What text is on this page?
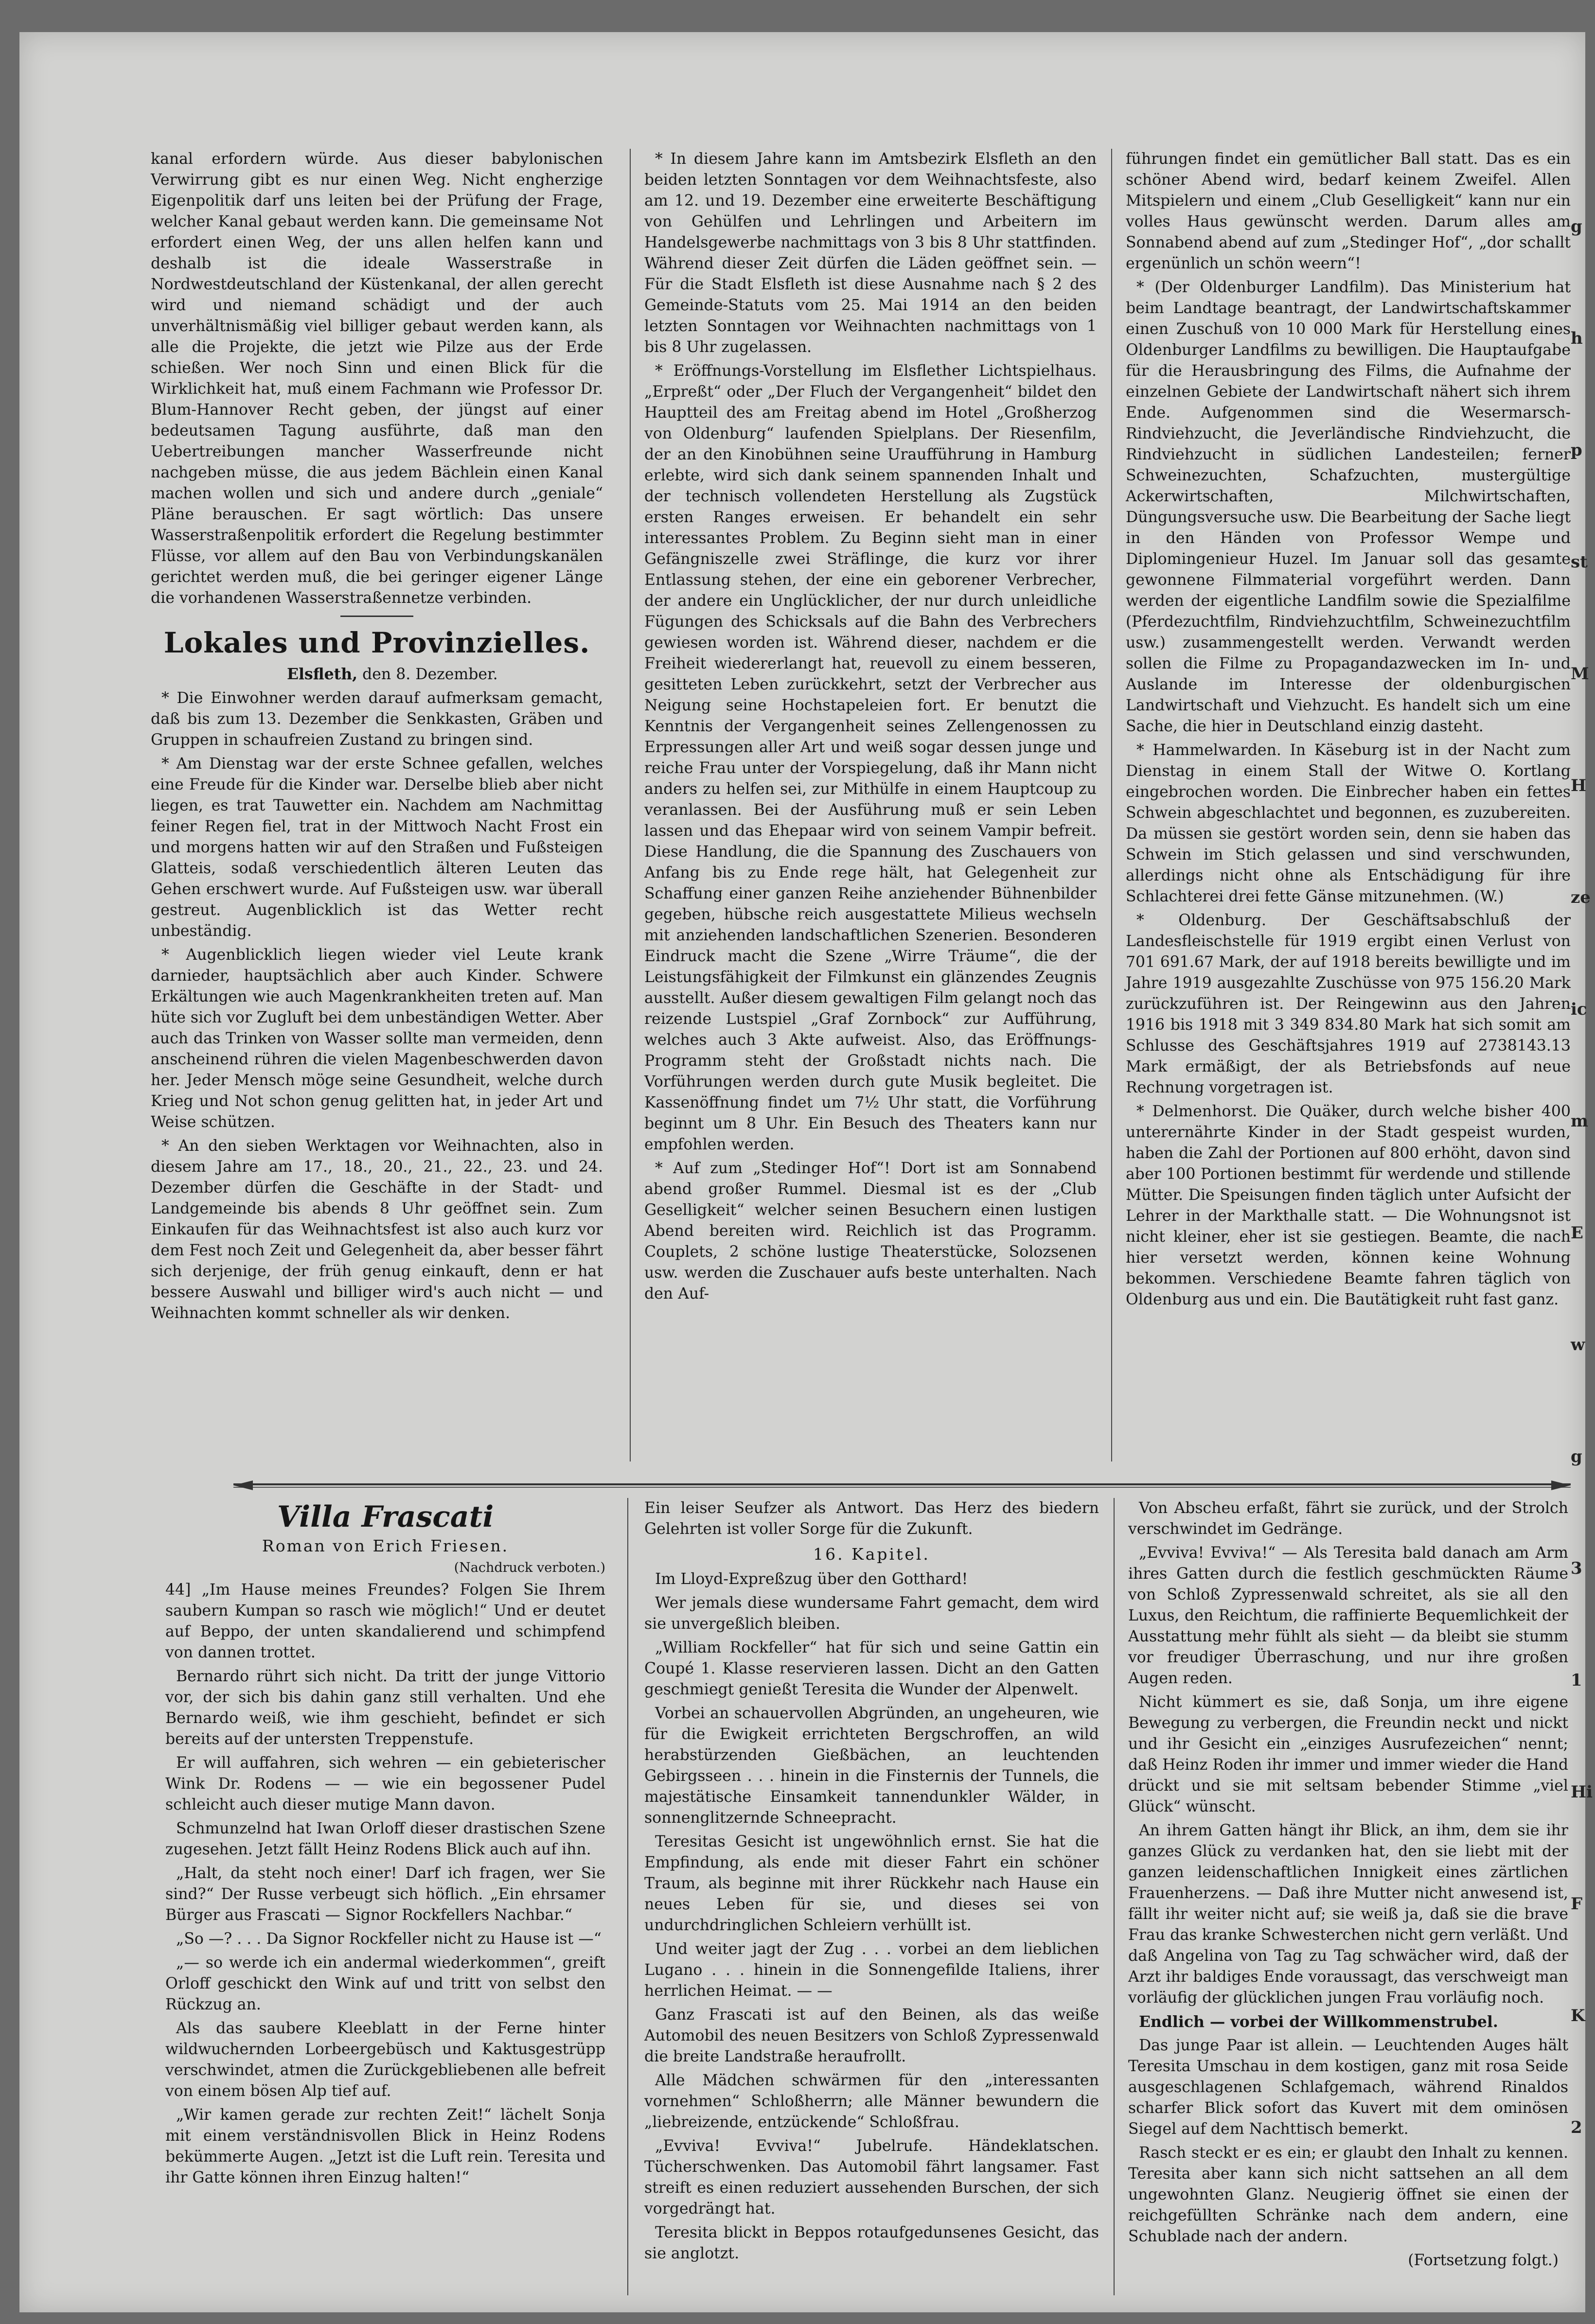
kanal erfordern würde. Aus dieser babylonischen Verwirrung gibt es nur einen Weg. Nicht engherzige Eigenpolitik darf uns leiten bei der Prüfung der Frage, welcher Kanal gebaut werden kann. Die gemeinsame Not erfordert einen Weg, der uns allen helfen kann und deshalb ist die ideale Wasserstraße in Nordwestdeutschland der Küstenkanal, der allen gerecht wird und niemand schädigt und der auch unverhältnismäßig viel billiger gebaut werden kann, als alle die Projekte, die jetzt wie Pilze aus der Erde schießen. Wer noch Sinn und einen Blick für die Wirklichkeit hat, muß einem Fachmann wie Professor Dr. Blum-Hannover Recht geben, der jüngst auf einer bedeutsamen Tagung ausführte, daß man den Uebertreibungen mancher Wasserfreunde nicht nachgeben müsse, die aus jedem Bächlein einen Kanal machen wollen und sich und andere durch „geniale“ Pläne berauschen. Er sagt wörtlich: Das unsere Wasserstraßenpolitik erfordert die Regelung bestimmter Flüsse, vor allem auf den Bau von Verbindungskanälen gerichtet werden muß, die bei geringer eigener Länge die vorhandenen Wasserstraßennetze verbinden.

Lokales und Provinzielles.

Elsfleth, den 8. Dezember.

* Die Einwohner werden darauf aufmerksam gemacht, daß bis zum 13. Dezember die Senkkasten, Gräben und Gruppen in schaufreien Zustand zu bringen sind.

* Am Dienstag war der erste Schnee gefallen, welches eine Freude für die Kinder war. Derselbe blieb aber nicht liegen, es trat Tauwetter ein. Nachdem am Nachmittag feiner Regen fiel, trat in der Mittwoch Nacht Frost ein und morgens hatten wir auf den Straßen und Fußsteigen Glatteis, sodaß verschiedentlich älteren Leuten das Gehen erschwert wurde. Auf Fußsteigen usw. war überall gestreut. Augenblicklich ist das Wetter recht unbeständig.

* Augenblicklich liegen wieder viel Leute krank darnieder, hauptsächlich aber auch Kinder. Schwere Erkältungen wie auch Magenkrankheiten treten auf. Man hüte sich vor Zugluft bei dem unbeständigen Wetter. Aber auch das Trinken von Wasser sollte man vermeiden, denn anscheinend rühren die vielen Magenbeschwerden davon her. Jeder Mensch möge seine Gesundheit, welche durch Krieg und Not schon genug gelitten hat, in jeder Art und Weise schützen.

* An den sieben Werktagen vor Weihnachten, also in diesem Jahre am 17., 18., 20., 21., 22., 23. und 24. Dezember dürfen die Geschäfte in der Stadt- und Landgemeinde bis abends 8 Uhr geöffnet sein. Zum Einkaufen für das Weihnachtsfest ist also auch kurz vor dem Fest noch Zeit und Gelegenheit da, aber besser fährt sich derjenige, der früh genug einkauft, denn er hat bessere Auswahl und billiger wird's auch nicht — und Weihnachten kommt schneller als wir denken.

* In diesem Jahre kann im Amtsbezirk Elsfleth an den beiden letzten Sonntagen vor dem Weihnachtsfeste, also am 12. und 19. Dezember eine erweiterte Beschäftigung von Gehülfen und Lehrlingen und Arbeitern im Handelsgewerbe nachmittags von 3 bis 8 Uhr stattfinden. Während dieser Zeit dürfen die Läden geöffnet sein. — Für die Stadt Elsfleth ist diese Ausnahme nach § 2 des Gemeinde-Statuts vom 25. Mai 1914 an den beiden letzten Sonntagen vor Weihnachten nachmittags von 1 bis 8 Uhr zugelassen.

* Eröffnungs-Vorstellung im Elsflether Lichtspielhaus. „Erpreßt“ oder „Der Fluch der Vergangenheit“ bildet den Hauptteil des am Freitag abend im Hotel „Großherzog von Oldenburg“ laufenden Spielplans. Der Riesenfilm, der an den Kinobühnen seine Uraufführung in Hamburg erlebte, wird sich dank seinem spannenden Inhalt und der technisch vollendeten Herstellung als Zugstück ersten Ranges erweisen. Er behandelt ein sehr interessantes Problem. Zu Beginn sieht man in einer Gefängniszelle zwei Sträflinge, die kurz vor ihrer Entlassung stehen, der eine ein geborener Verbrecher, der andere ein Unglücklicher, der nur durch unleidliche Fügungen des Schicksals auf die Bahn des Verbrechers gewiesen worden ist. Während dieser, nachdem er die Freiheit wiedererlangt hat, reuevoll zu einem besseren, gesitteten Leben zurückkehrt, setzt der Verbrecher aus Neigung seine Hochstapeleien fort. Er benutzt die Kenntnis der Vergangenheit seines Zellengenossen zu Erpressungen aller Art und weiß sogar dessen junge und reiche Frau unter der Vorspiegelung, daß ihr Mann nicht anders zu helfen sei, zur Mithülfe in einem Hauptcoup zu veranlassen. Bei der Ausführung muß er sein Leben lassen und das Ehepaar wird von seinem Vampir befreit. Diese Handlung, die die Spannung des Zuschauers von Anfang bis zu Ende rege hält, hat Gelegenheit zur Schaffung einer ganzen Reihe anziehender Bühnenbilder gegeben, hübsche reich ausgestattete Milieus wechseln mit anziehenden landschaftlichen Szenerien. Besonderen Eindruck macht die Szene „Wirre Träume“, die der Leistungsfähigkeit der Filmkunst ein glänzendes Zeugnis ausstellt. Außer diesem gewaltigen Film gelangt noch das reizende Lustspiel „Graf Zornbock“ zur Aufführung, welches auch 3 Akte aufweist. Also, das Eröffnungs-Programm steht der Großstadt nichts nach. Die Vorführungen werden durch gute Musik begleitet. Die Kassenöffnung findet um 7½ Uhr statt, die Vorführung beginnt um 8 Uhr. Ein Besuch des Theaters kann nur empfohlen werden.

* Auf zum „Stedinger Hof“! Dort ist am Sonnabend abend großer Rummel. Diesmal ist es der „Club Geselligkeit“ welcher seinen Besuchern einen lustigen Abend bereiten wird. Reichlich ist das Programm. Couplets, 2 schöne lustige Theaterstücke, Solozsenen usw. werden die Zuschauer aufs beste unterhalten. Nach den Auf-

führungen findet ein gemütlicher Ball statt. Das es ein schöner Abend wird, bedarf keinem Zweifel. Allen Mitspielern und einem „Club Geselligkeit“ kann nur ein volles Haus gewünscht werden. Darum alles am Sonnabend abend auf zum „Stedinger Hof“, „dor schallt ergenünlich un schön weern“!

* (Der Oldenburger Landfilm). Das Ministerium hat beim Landtage beantragt, der Landwirtschaftskammer einen Zuschuß von 10 000 Mark für Herstellung eines Oldenburger Landfilms zu bewilligen. Die Hauptaufgabe für die Herausbringung des Films, die Aufnahme der einzelnen Gebiete der Landwirtschaft nähert sich ihrem Ende. Aufgenommen sind die Wesermarsch-Rindviehzucht, die Jeverländische Rindviehzucht, die Rindviehzucht in südlichen Landesteilen; ferner Schweinezuchten, Schafzuchten, mustergültige Ackerwirtschaften, Milchwirtschaften, Düngungsversuche usw. Die Bearbeitung der Sache liegt in den Händen von Professor Wempe und Diplomingenieur Huzel. Im Januar soll das gesamte gewonnene Filmmaterial vorgeführt werden. Dann werden der eigentliche Landfilm sowie die Spezialfilme (Pferdezuchtfilm, Rindviehzuchtfilm, Schweinezuchtfilm usw.) zusammengestellt werden. Verwandt werden sollen die Filme zu Propagandazwecken im In- und Auslande im Interesse der oldenburgischen Landwirtschaft und Viehzucht. Es handelt sich um eine Sache, die hier in Deutschland einzig dasteht.

* Hammelwarden. In Käseburg ist in der Nacht zum Dienstag in einem Stall der Witwe O. Kortlang eingebrochen worden. Die Einbrecher haben ein fettes Schwein abgeschlachtet und begonnen, es zuzubereiten. Da müssen sie gestört worden sein, denn sie haben das Schwein im Stich gelassen und sind verschwunden, allerdings nicht ohne als Entschädigung für ihre Schlachterei drei fette Gänse mitzunehmen. (W.)

* Oldenburg. Der Geschäftsabschluß der Landesfleischstelle für 1919 ergibt einen Verlust von 701 691.67 Mark, der auf 1918 bereits bewilligte und im Jahre 1919 ausgezahlte Zuschüsse von 975 156.20 Mark zurückzuführen ist. Der Reingewinn aus den Jahren 1916 bis 1918 mit 3 349 834.80 Mark hat sich somit am Schlusse des Geschäftsjahres 1919 auf 2738143.13 Mark ermäßigt, der als Betriebsfonds auf neue Rechnung vorgetragen ist.

* Delmenhorst. Die Quäker, durch welche bisher 400 unterernährte Kinder in der Stadt gespeist wurden, haben die Zahl der Portionen auf 800 erhöht, davon sind aber 100 Portionen bestimmt für werdende und stillende Mütter. Die Speisungen finden täglich unter Aufsicht der Lehrer in der Markthalle statt. — Die Wohnungsnot ist nicht kleiner, eher ist sie gestiegen. Beamte, die nach hier versetzt werden, können keine Wohnung bekommen. Verschiedene Beamte fahren täglich von Oldenburg aus und ein. Die Bautätigkeit ruht fast ganz.

Villa Frascati
Roman von Erich Friesen.
(Nachdruck verboten.)

44] „Im Hause meines Freundes? Folgen Sie Ihrem saubern Kumpan so rasch wie möglich!“ Und er deutet auf Beppo, der unten skandalierend und schimpfend von dannen trottet.

Bernardo rührt sich nicht. Da tritt der junge Vittorio vor, der sich bis dahin ganz still verhalten. Und ehe Bernardo weiß, wie ihm geschieht, befindet er sich bereits auf der untersten Treppenstufe.

Er will auffahren, sich wehren — ein gebieterischer Wink Dr. Rodens — — wie ein begossener Pudel schleicht auch dieser mutige Mann davon.

Schmunzelnd hat Iwan Orloff dieser drastischen Szene zugesehen. Jetzt fällt Heinz Rodens Blick auch auf ihn.

„Halt, da steht noch einer! Darf ich fragen, wer Sie sind?“ Der Russe verbeugt sich höflich. „Ein ehrsamer Bürger aus Frascati — Signor Rockfellers Nachbar.“

„So —? . . . Da Signor Rockfeller nicht zu Hause ist —“

„— so werde ich ein andermal wiederkommen“, greift Orloff geschickt den Wink auf und tritt von selbst den Rückzug an.

Als das saubere Kleeblatt in der Ferne hinter wildwuchernden Lorbeergebüsch und Kaktusgestrüpp verschwindet, atmen die Zurückgebliebenen alle befreit von einem bösen Alp tief auf.

„Wir kamen gerade zur rechten Zeit!“ lächelt Sonja mit einem verständnisvollen Blick in Heinz Rodens bekümmerte Augen. „Jetzt ist die Luft rein. Teresita und ihr Gatte können ihren Einzug halten!“

Ein leiser Seufzer als Antwort. Das Herz des biedern Gelehrten ist voller Sorge für die Zukunft.

16. Kapitel.

Im Lloyd-Expreßzug über den Gotthard!

Wer jemals diese wundersame Fahrt gemacht, dem wird sie unvergeßlich bleiben.

„William Rockfeller“ hat für sich und seine Gattin ein Coupé 1. Klasse reservieren lassen. Dicht an den Gatten geschmiegt genießt Teresita die Wunder der Alpenwelt.

Vorbei an schauervollen Abgründen, an ungeheuren, wie für die Ewigkeit errichteten Bergschroffen, an wild herabstürzenden Gießbächen, an leuchtenden Gebirgsseen . . . hinein in die Finsternis der Tunnels, die majestätische Einsamkeit tannendunkler Wälder, in sonnenglitzernde Schneepracht.

Teresitas Gesicht ist ungewöhnlich ernst. Sie hat die Empfindung, als ende mit dieser Fahrt ein schöner Traum, als beginne mit ihrer Rückkehr nach Hause ein neues Leben für sie, und dieses sei von undurchdringlichen Schleiern verhüllt ist.

Und weiter jagt der Zug . . . vorbei an dem lieblichen Lugano . . . hinein in die Sonnengefilde Italiens, ihrer herrlichen Heimat. — —

Ganz Frascati ist auf den Beinen, als das weiße Automobil des neuen Besitzers von Schloß Zypressenwald die breite Landstraße heraufrollt.

Alle Mädchen schwärmen für den „interessanten vornehmen“ Schloßherrn; alle Männer bewundern die „liebreizende, entzückende“ Schloßfrau.

„Evviva! Evviva!“ Jubelrufe. Händeklatschen. Tücherschwenken. Das Automobil fährt langsamer. Fast streift es einen reduziert aussehenden Burschen, der sich vorgedrängt hat.

Teresita blickt in Beppos rotaufgedunsenes Gesicht, das sie anglotzt.

Von Abscheu erfaßt, fährt sie zurück, und der Strolch verschwindet im Gedränge.

„Evviva! Evviva!“ — Als Teresita bald danach am Arm ihres Gatten durch die festlich geschmückten Räume von Schloß Zypressenwald schreitet, als sie all den Luxus, den Reichtum, die raffinierte Bequemlichkeit der Ausstattung mehr fühlt als sieht — da bleibt sie stumm vor freudiger Überraschung, und nur ihre großen Augen reden.

Nicht kümmert es sie, daß Sonja, um ihre eigene Bewegung zu verbergen, die Freundin neckt und nickt und ihr Gesicht ein „einziges Ausrufezeichen“ nennt; daß Heinz Roden ihr immer und immer wieder die Hand drückt und sie mit seltsam bebender Stimme „viel Glück“ wünscht.

An ihrem Gatten hängt ihr Blick, an ihm, dem sie ihr ganzes Glück zu verdanken hat, den sie liebt mit der ganzen leidenschaftlichen Innigkeit eines zärtlichen Frauenherzens. — Daß ihre Mutter nicht anwesend ist, fällt ihr weiter nicht auf; sie weiß ja, daß sie die brave Frau das kranke Schwesterchen nicht gern verläßt. Und daß Angelina von Tag zu Tag schwächer wird, daß der Arzt ihr baldiges Ende voraussagt, das verschweigt man vorläufig der glücklichen jungen Frau vorläufig noch.

Endlich — vorbei der Willkommenstrubel.

Das junge Paar ist allein. — Leuchtenden Auges hält Teresita Umschau in dem kostigen, ganz mit rosa Seide ausgeschlagenen Schlafgemach, während Rinaldos scharfer Blick sofort das Kuvert mit dem ominösen Siegel auf dem Nachttisch bemerkt.

Rasch steckt er es ein; er glaubt den Inhalt zu kennen. Teresita aber kann sich nicht sattsehen an all dem ungewohnten Glanz. Neugierig öffnet sie einen der reichgefüllten Schränke nach dem andern, eine Schublade nach der andern.

(Fortsetzung folgt.)
g
h
p
st
M
H
ze
ic
m
E
w
g
3
1
Hi
F
K
2
